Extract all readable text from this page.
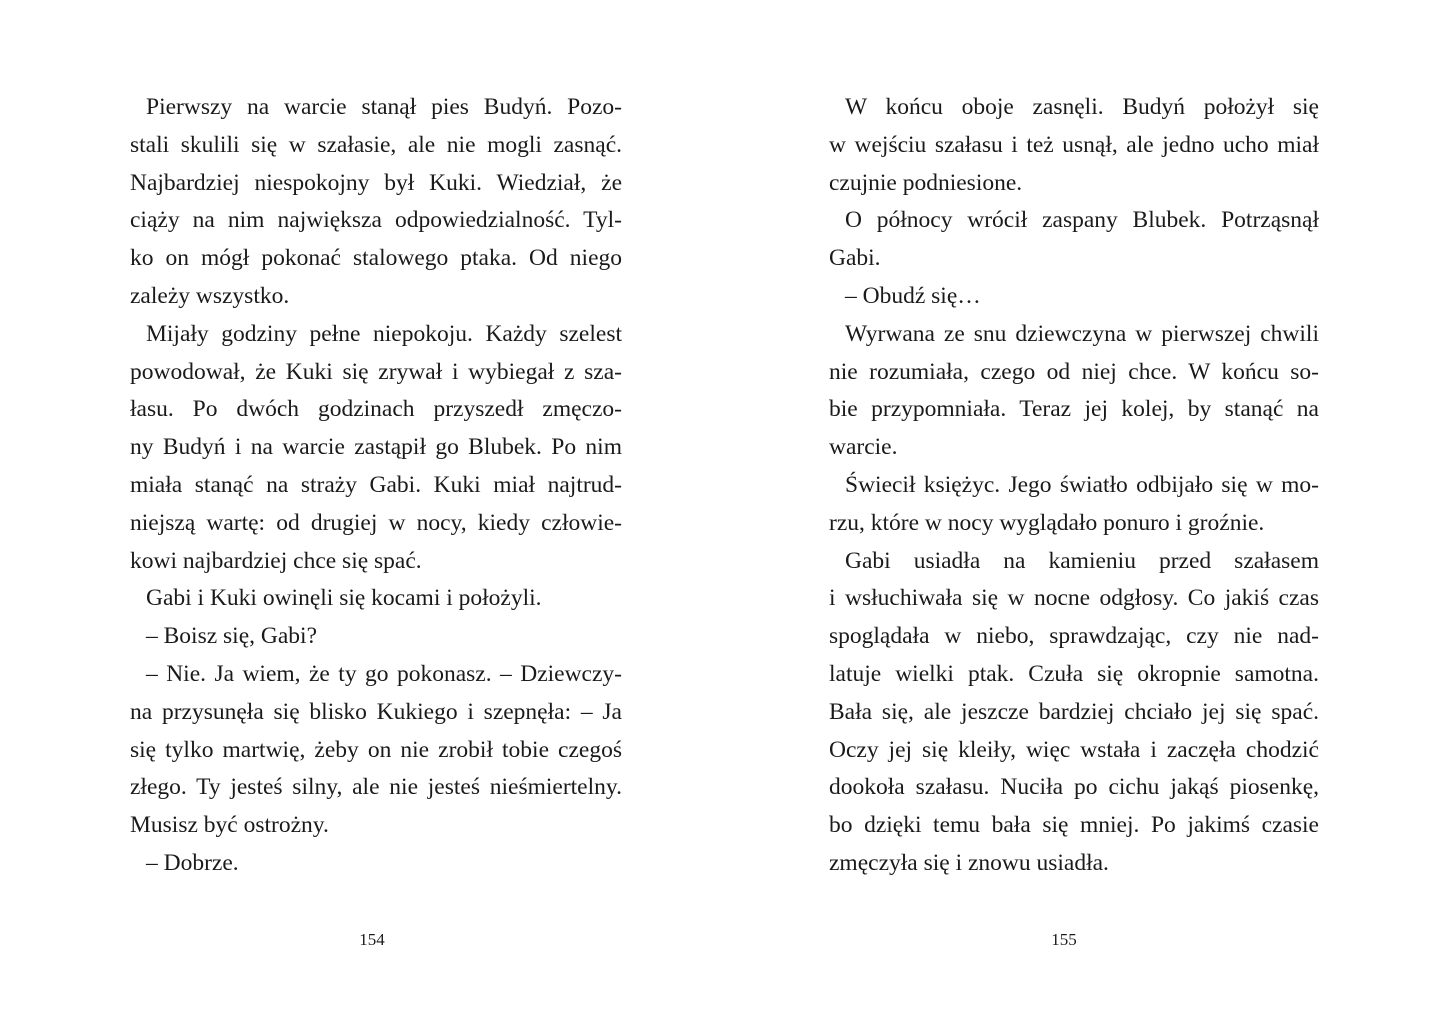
Pierwszy na warcie stanął pies Budyń. Pozo-
stali skulili się w szałasie, ale nie mogli zasnąć.
Najbardziej niespokojny był Kuki. Wiedział, że
ciąży na nim największa odpowiedzialność. Tyl-
ko on mógł pokonać stalowego ptaka. Od niego
zależy wszystko.
Mijały godziny pełne niepokoju. Każdy szelest
powodował, że Kuki się zrywał i wybiegał z sza-
łasu. Po dwóch godzinach przyszedł zmęczo-
ny Budyń i na warcie zastąpił go Blubek. Po nim
miała stanąć na straży Gabi. Kuki miał najtrud-
niejszą wartę: od drugiej w nocy, kiedy człowie-
kowi najbardziej chce się spać.
Gabi i Kuki owinęli się kocami i położyli.
– Boisz się, Gabi?
– Nie. Ja wiem, że ty go pokonasz. – Dziewczy-
na przysunęła się blisko Kukiego i szepnęła: – Ja
się tylko martwię, żeby on nie zrobił tobie czegoś
złego. Ty jesteś silny, ale nie jesteś nieśmiertelny.
Musisz być ostrożny.
– Dobrze.
154
W końcu oboje zasnęli. Budyń położył się
w wejściu szałasu i też usnął, ale jedno ucho miał
czujnie podniesione.
O północy wrócił zaspany Blubek. Potrząsnął
Gabi.
– Obudź się…
Wyrwana ze snu dziewczyna w pierwszej chwili
nie rozumiała, czego od niej chce. W końcu so-
bie przypomniała. Teraz jej kolej, by stanąć na
warcie.
Świecił księżyc. Jego światło odbijało się w mo-
rzu, które w nocy wyglądało ponuro i groźnie.
Gabi usiadła na kamieniu przed szałasem
i wsłuchiwała się w nocne odgłosy. Co jakiś czas
spoglądała w niebo, sprawdzając, czy nie nad-
latuje wielki ptak. Czuła się okropnie samotna.
Bała się, ale jeszcze bardziej chciało jej się spać.
Oczy jej się kleiły, więc wstała i zaczęła chodzić
dookoła szałasu. Nuciła po cichu jakąś piosenkę,
bo dzięki temu bała się mniej. Po jakimś czasie
zmęczyła się i znowu usiadła.
155
